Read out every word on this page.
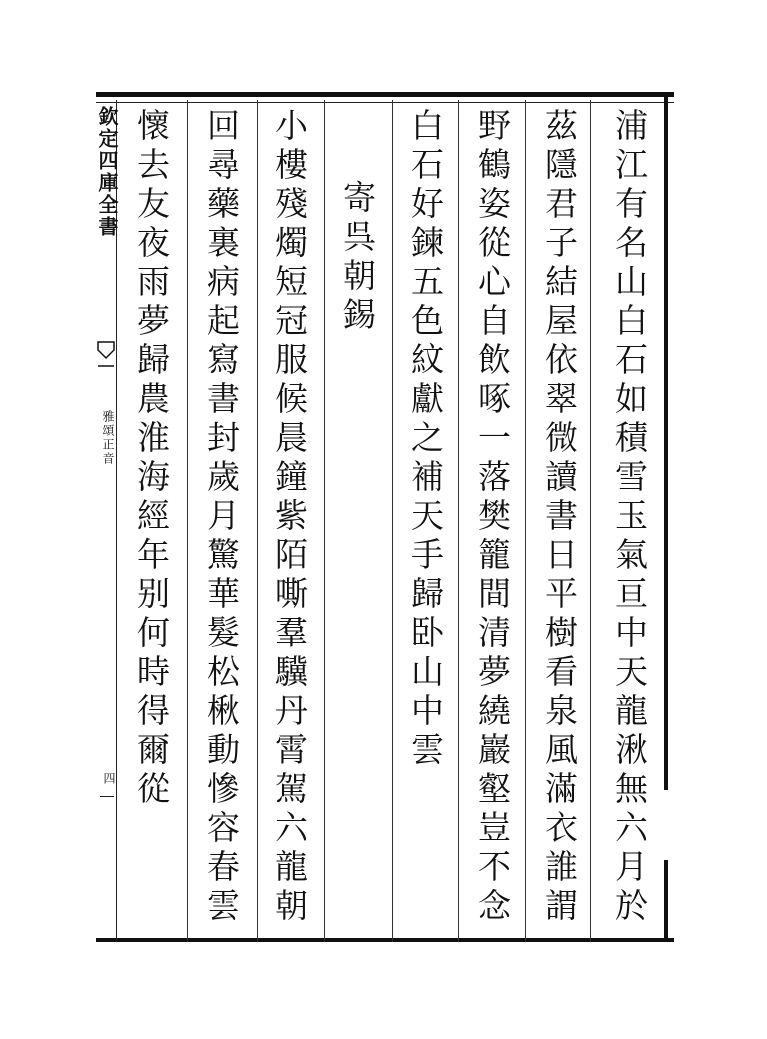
欽定四庫全書
雅頌正音
四	浦江有名山白石如積雪玉氣亘中天龍湫無六月於
茲隱君子結屋依翠微讀書日平樹看泉風滿衣誰謂
野鶴姿從心自飲啄一落樊籠間清夢繞巖壑豈不念
白石好鍊五色紋獻之補天手歸卧山中雲
寄呉朝錫
小樓殘燭短冠服候晨鐘紫陌嘶羣驥丹霄駕六龍朝
回尋藥裏病起寫書封歲月驚華髮松楸動慘容春雲
懷去友夜雨夢歸農淮海經年别何時得爾從
